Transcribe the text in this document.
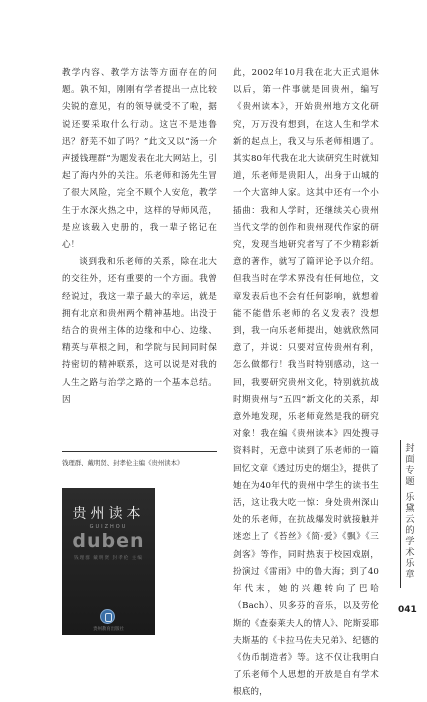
教学内容、教学方法等方面存在的问题。孰不知，刚刚有学者提出一点比较尖锐的意见，有的领导就受不了啦，据说还要采取什么行动。这岂不是违鲁迅？舒芜不如了吗？”此文又以“汤一介声援钱理群”为题发表在北大网站上，引起了海内外的关注。乐老师和汤先生冒了很大风险，完全不顾个人安危，教学生于水深火热之中，这样的导师风范，是应该载入史册的，我一辈子铭记在心！

谈到我和乐老师的关系，除在北大的交往外，还有重要的一个方面。我曾经说过，我这一辈子最大的幸运，就是拥有北京和贵州两个精神基地。出没于结合的贵州主体的边缘和中心、边缘、精英与草根之间，和学院与民间同时保持密切的精神联系，这可以说是对我的人生之路与治学之路的一个基本总结。因

钱理群、戴明贤、封孝伦主编《贵州读本》
贵州读本
GUIZHOU
duben
钱理群 戴明贤 封孝伦 主编
贵州教育出版社

此，2002年10月我在北大正式退休以后，第一件事就是回贵州，编写《贵州读本》，开始贵州地方文化研究，万万没有想到，在这人生和学术新的起点上，我又与乐老师相遇了。其实80年代我在北大读研究生时就知道，乐老师是贵阳人，出身于山城的一个大富绅人家。这其中还有一个小插曲：我和人学时，还继续关心贵州当代文学的创作和贵州现代作家的研究，发现当地研究者写了不少精彩新意的著作，就写了篇评论予以介绍。但我当时在学术界没有任何地位，文章发表后也不会有任何影响，就想着能不能借乐老师的名义发表？没想到，我一向乐老师提出，她就欣然同意了，并说：只要对宣传贵州有利，怎么做都行！我当时特别感动，这一回，我要研究贵州文化，特别就抗战时期贵州与“五四”新文化的关系，却意外地发现，乐老师竟然是我的研究对象！我在编《贵州读本》四处搜寻资料时，无意中读到了乐老师的一篇回忆文章《透过历史的烟尘》，提供了她在为40年代的贵州中学生的读书生活，这让我大吃一惊：身处贵州深山处的乐老师，在抗战爆发时就接触并迷恋上了《苔丝》《简·爱》《飘》《三剑客》等作，同时热衷于校园戏剧，扮演过《雷雨》中的鲁大海；到了40年代末，她的兴趣转向了巴哈（Bach）、贝多芬的音乐，以及劳伦斯的《查泰莱夫人的情人》、陀斯妥耶夫斯基的《卡拉马佐夫兄弟》、纪德的《伪币制造者》等。这不仅让我明白了乐老师个人思想的开放是自有学术根底的，

封
面
专
题
乐
黛
云
的
学
术
乐
章
041
